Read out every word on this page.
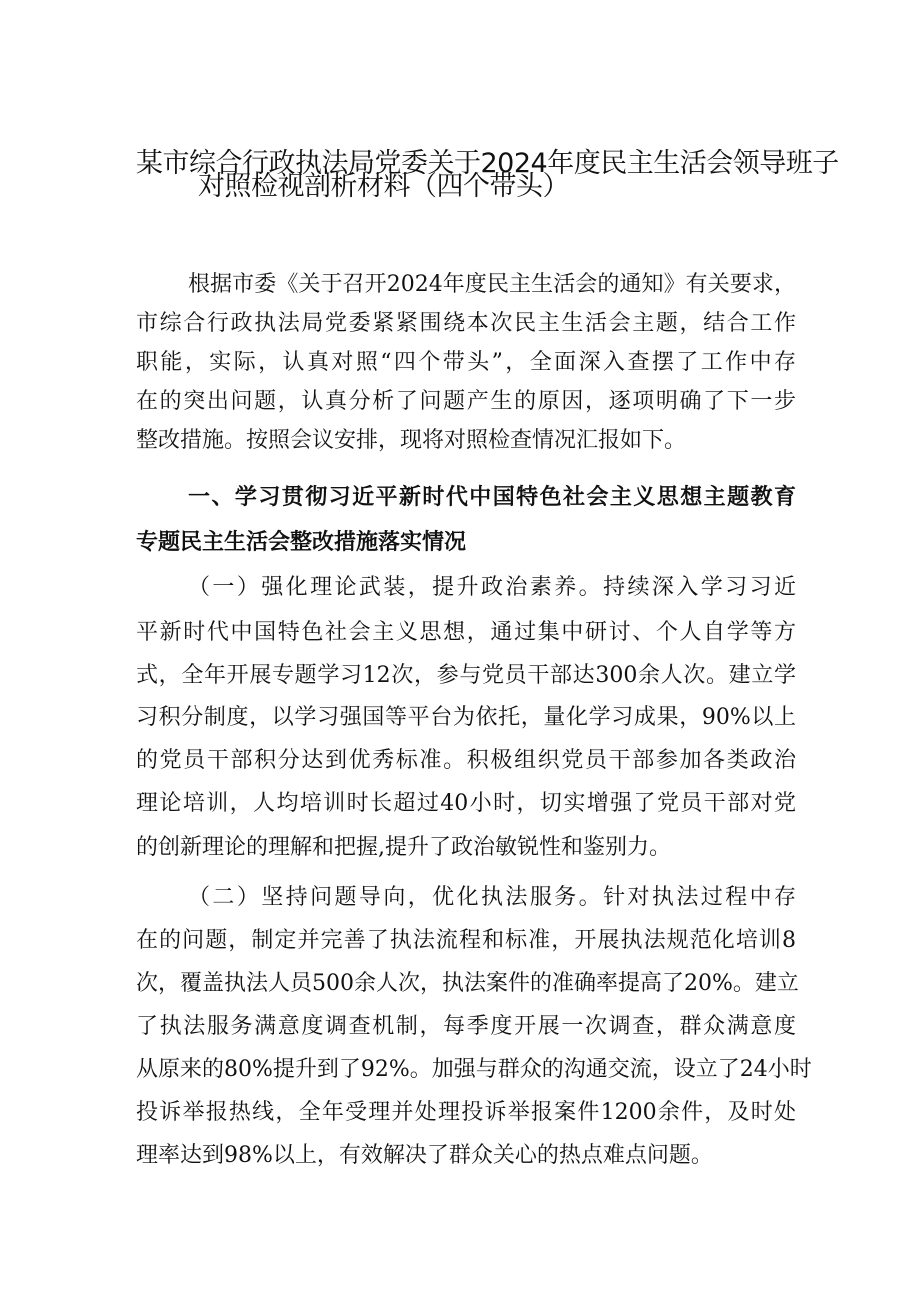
某市综合行政执法局党委关于2024年度民主生活会领导班子
对照检视剖析材料（四个带头）
根据市委《关于召开2024年度民主生活会的通知》有关要求，
市综合行政执法局党委紧紧围绕本次民主生活会主题，结合工作
职能，实际，认真对照“四个带头”，全面深入查摆了工作中存
在的突出问题，认真分析了问题产生的原因，逐项明确了下一步
整改措施。按照会议安排，现将对照检查情况汇报如下。
一、学习贯彻习近平新时代中国特色社会主义思想主题教育
专题民主生活会整改措施落实情况
（一）强化理论武装，提升政治素养。持续深入学习习近
平新时代中国特色社会主义思想，通过集中研讨、个人自学等方
式，全年开展专题学习12次，参与党员干部达300余人次。建立学
习积分制度，以学习强国等平台为依托，量化学习成果，90%以上
的党员干部积分达到优秀标准。积极组织党员干部参加各类政治
理论培训，人均培训时长超过40小时，切实增强了党员干部对党
的创新理论的理解和把握,提升了政治敏锐性和鉴别力。
（二）坚持问题导向，优化执法服务。针对执法过程中存
在的问题，制定并完善了执法流程和标准，开展执法规范化培训8
次，覆盖执法人员500余人次，执法案件的准确率提高了20%。建立
了执法服务满意度调查机制，每季度开展一次调查，群众满意度
从原来的80%提升到了92%。加强与群众的沟通交流，设立了24小时
投诉举报热线，全年受理并处理投诉举报案件1200余件，及时处
理率达到98%以上，有效解决了群众关心的热点难点问题。
